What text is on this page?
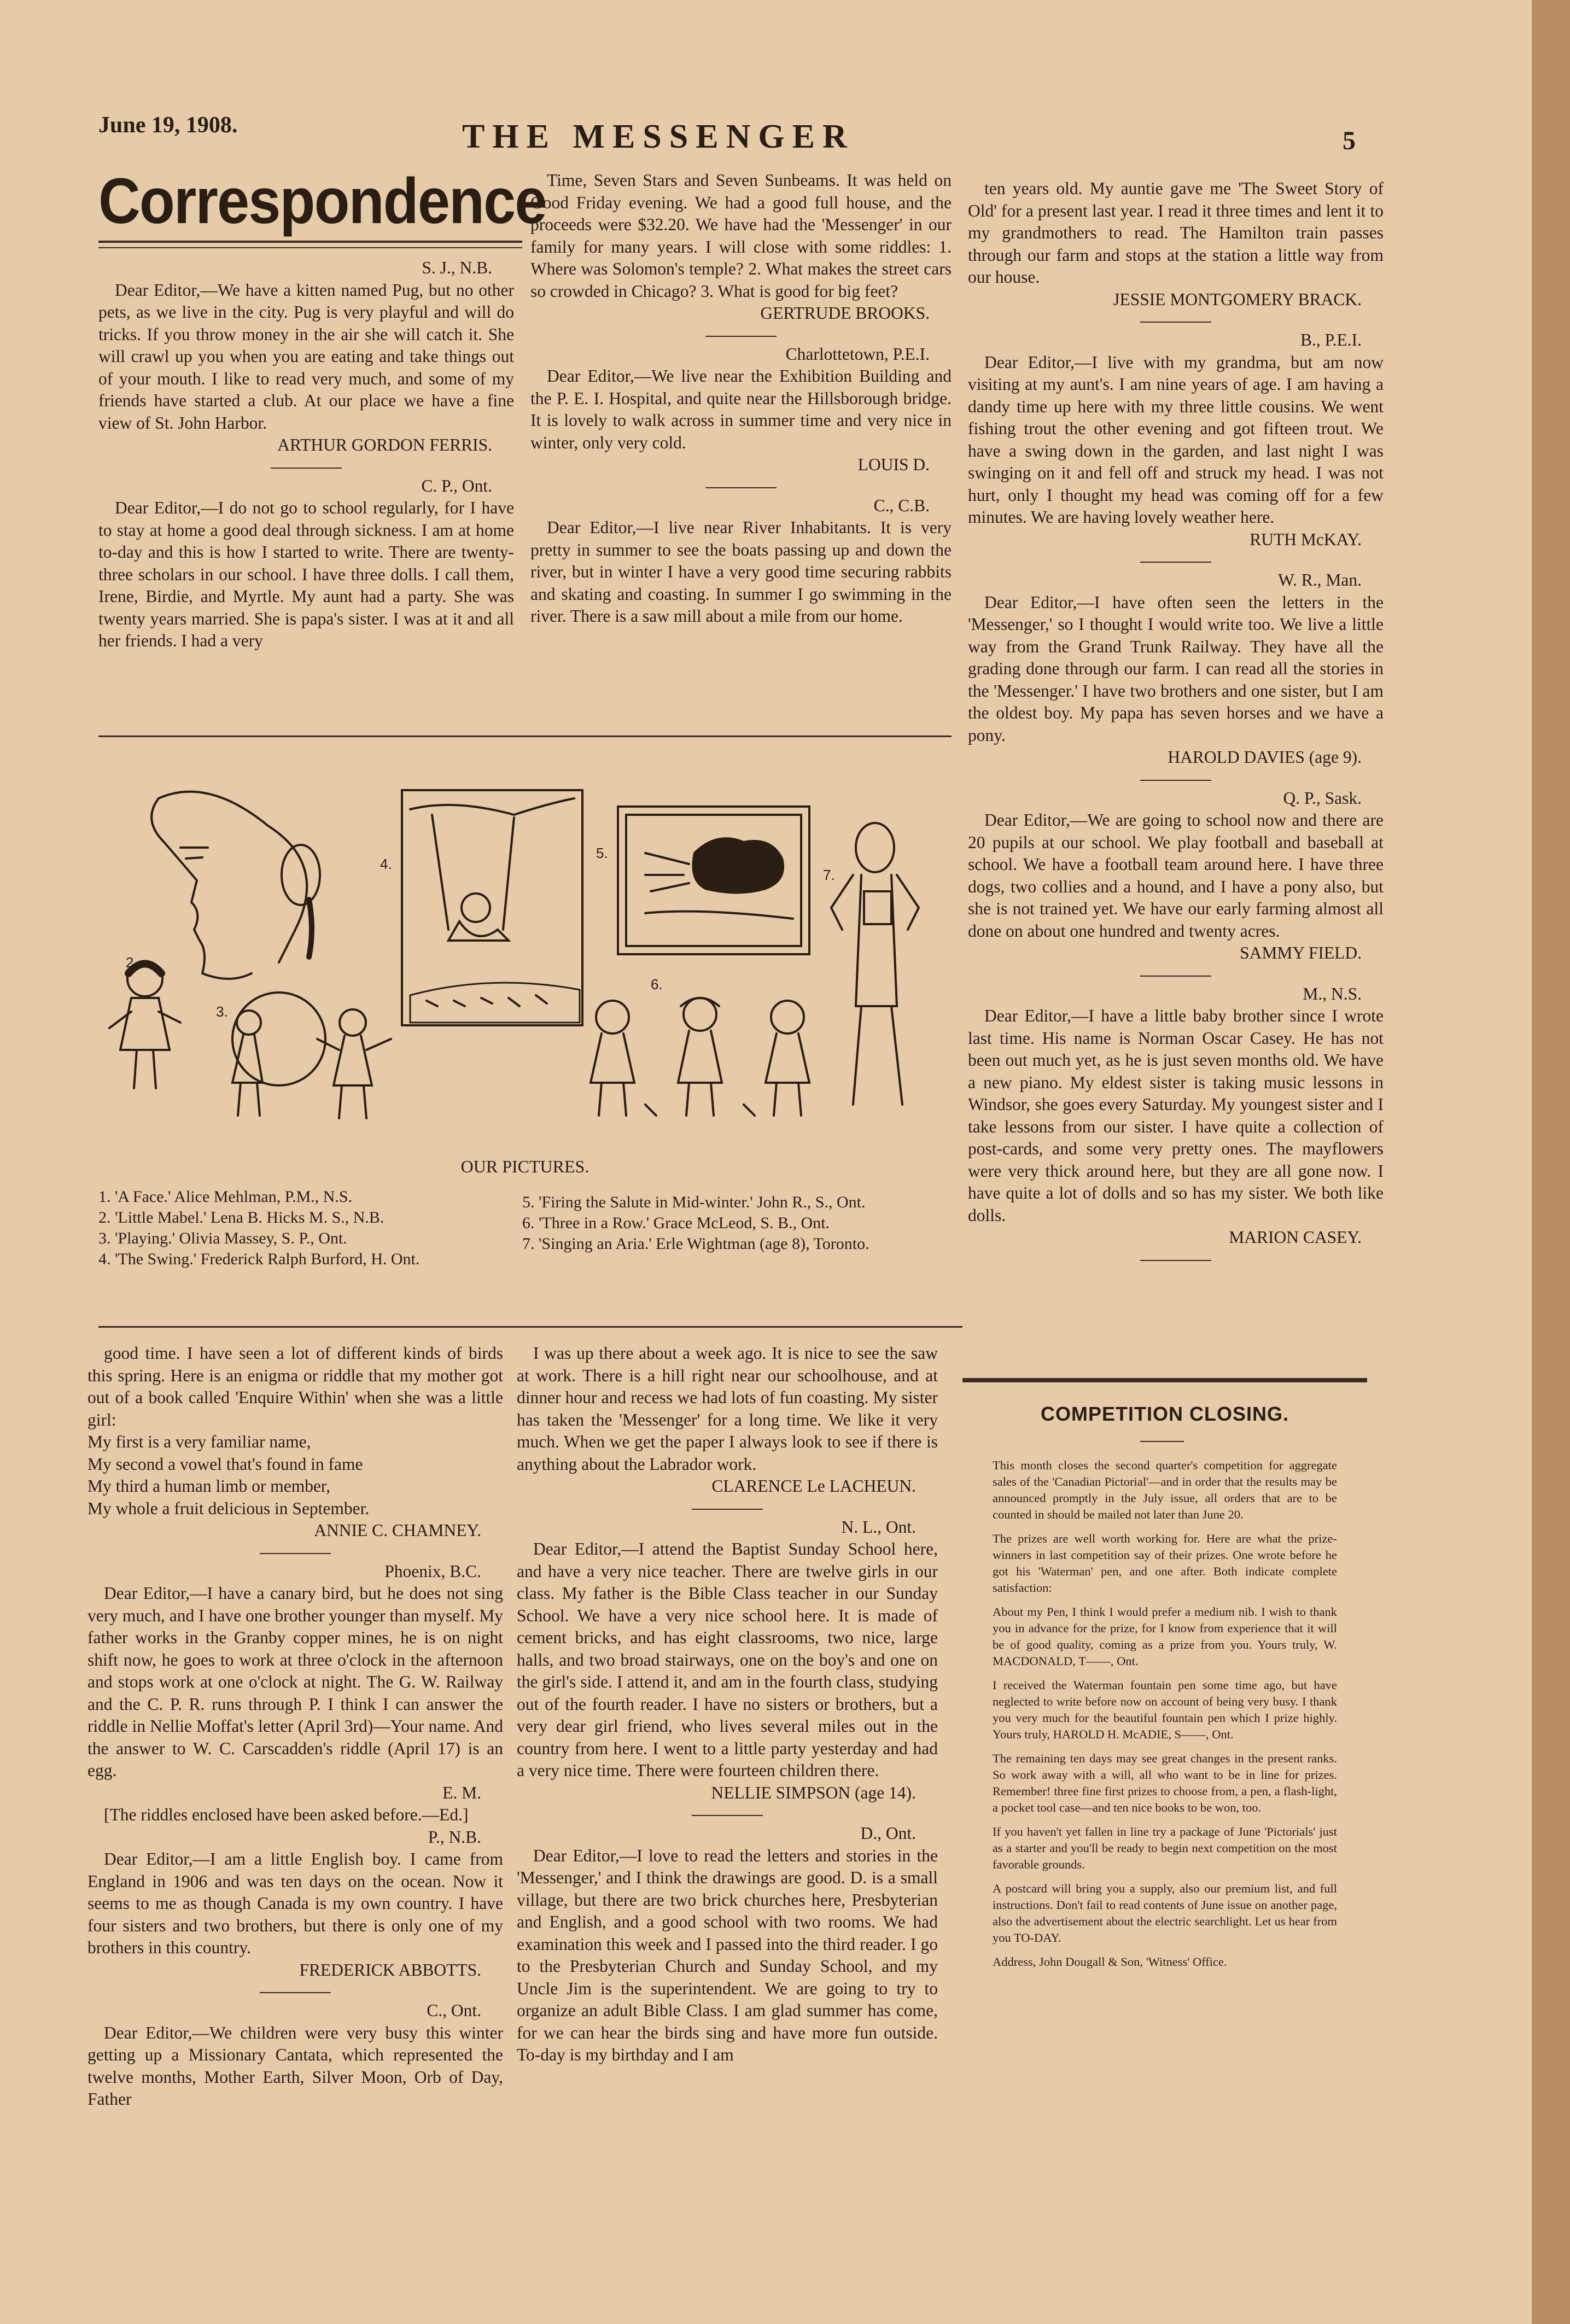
June 19, 1908.	THE MESSENGER	5
Correspondence

S. J., N.B.

Dear Editor,—We have a kitten named Pug, but no other pets, as we live in the city. Pug is very playful and will do tricks. If you throw money in the air she will catch it. She will crawl up you when you are eating and take things out of your mouth. I like to read very much, and some of my friends have started a club. At our place we have a fine view of St. John Harbor.

ARTHUR GORDON FERRIS.

C. P., Ont.

Dear Editor,—I do not go to school regularly, for I have to stay at home a good deal through sickness. I am at home to-day and this is how I started to write. There are twenty-three scholars in our school. I have three dolls. I call them, Irene, Birdie, and Myrtle. My aunt had a party. She was twenty years married. She is papa's sister. I was at it and all her friends. I had a very

Time, Seven Stars and Seven Sunbeams. It was held on Good Friday evening. We had a good full house, and the proceeds were $32.20. We have had the 'Messenger' in our family for many years. I will close with some riddles: 1. Where was Solomon's temple? 2. What makes the street cars so crowded in Chicago? 3. What is good for big feet?

GERTRUDE BROOKS.

Charlottetown, P.E.I.

Dear Editor,—We live near the Exhibition Building and the P. E. I. Hospital, and quite near the Hillsborough bridge. It is lovely to walk across in summer time and very nice in winter, only very cold.

LOUIS D.

C., C.B.

Dear Editor,—I live near River Inhabitants. It is very pretty in summer to see the boats passing up and down the river, but in winter I have a very good time securing rabbits and skating and coasting. In summer I go swimming in the river. There is a saw mill about a mile from our home.

ten years old. My auntie gave me 'The Sweet Story of Old' for a present last year. I read it three times and lent it to my grandmothers to read. The Hamilton train passes through our farm and stops at the station a little way from our house.

JESSIE MONTGOMERY BRACK.

B., P.E.I.

Dear Editor,—I live with my grandma, but am now visiting at my aunt's. I am nine years of age. I am having a dandy time up here with my three little cousins. We went fishing trout the other evening and got fifteen trout. We have a swing down in the garden, and last night I was swinging on it and fell off and struck my head. I was not hurt, only I thought my head was coming off for a few minutes. We are having lovely weather here.

RUTH McKAY.

W. R., Man.

Dear Editor,—I have often seen the letters in the 'Messenger,' so I thought I would write too. We live a little way from the Grand Trunk Railway. They have all the grading done through our farm. I can read all the stories in the 'Messenger.' I have two brothers and one sister, but I am the oldest boy. My papa has seven horses and we have a pony.

HAROLD DAVIES (age 9).

Q. P., Sask.

Dear Editor,—We are going to school now and there are 20 pupils at our school. We play football and baseball at school. We have a football team around here. I have three dogs, two collies and a hound, and I have a pony also, but she is not trained yet. We have our early farming almost all done on about one hundred and twenty acres.

SAMMY FIELD.

M., N.S.

Dear Editor,—I have a little baby brother since I wrote last time. His name is Norman Oscar Casey. He has not been out much yet, as he is just seven months old. We have a new piano. My eldest sister is taking music lessons in Windsor, she goes every Saturday. My youngest sister and I take lessons from our sister. I have quite a collection of post-cards, and some very pretty ones. The mayflowers were very thick around here, but they are all gone now. I have quite a lot of dolls and so has my sister. We both like dolls.

MARION CASEY.

2.
3.
4.
5.
6.
7.
OUR PICTURES.

1. 'A Face.' Alice Mehlman, P.M., N.S.

2. 'Little Mabel.' Lena B. Hicks M. S., N.B.

3. 'Playing.' Olivia Massey, S. P., Ont.

4. 'The Swing.' Frederick Ralph Burford, H. Ont.

5. 'Firing the Salute in Mid-winter.' John R., S., Ont.

6. 'Three in a Row.' Grace McLeod, S. B., Ont.

7. 'Singing an Aria.' Erle Wightman (age 8), Toronto.

good time. I have seen a lot of different kinds of birds this spring. Here is an enigma or riddle that my mother got out of a book called 'Enquire Within' when she was a little girl:

My first is a very familiar name,

My second a vowel that's found in fame

My third a human limb or member,

My whole a fruit delicious in September.

ANNIE C. CHAMNEY.

Phoenix, B.C.

Dear Editor,—I have a canary bird, but he does not sing very much, and I have one brother younger than myself. My father works in the Granby copper mines, he is on night shift now, he goes to work at three o'clock in the afternoon and stops work at one o'clock at night. The G. W. Railway and the C. P. R. runs through P. I think I can answer the riddle in Nellie Moffat's letter (April 3rd)—Your name. And the answer to W. C. Carscadden's riddle (April 17) is an egg.

E. M.

[The riddles enclosed have been asked before.—Ed.]

P., N.B.

Dear Editor,—I am a little English boy. I came from England in 1906 and was ten days on the ocean. Now it seems to me as though Canada is my own country. I have four sisters and two brothers, but there is only one of my brothers in this country.

FREDERICK ABBOTTS.

C., Ont.

Dear Editor,—We children were very busy this winter getting up a Missionary Cantata, which represented the twelve months, Mother Earth, Silver Moon, Orb of Day, Father

I was up there about a week ago. It is nice to see the saw at work. There is a hill right near our schoolhouse, and at dinner hour and recess we had lots of fun coasting. My sister has taken the 'Messenger' for a long time. We like it very much. When we get the paper I always look to see if there is anything about the Labrador work.

CLARENCE Le LACHEUN.

N. L., Ont.

Dear Editor,—I attend the Baptist Sunday School here, and have a very nice teacher. There are twelve girls in our class. My father is the Bible Class teacher in our Sunday School. We have a very nice school here. It is made of cement bricks, and has eight classrooms, two nice, large halls, and two broad stairways, one on the boy's and one on the girl's side. I attend it, and am in the fourth class, studying out of the fourth reader. I have no sisters or brothers, but a very dear girl friend, who lives several miles out in the country from here. I went to a little party yesterday and had a very nice time. There were fourteen children there.

NELLIE SIMPSON (age 14).

D., Ont.

Dear Editor,—I love to read the letters and stories in the 'Messenger,' and I think the drawings are good. D. is a small village, but there are two brick churches here, Presbyterian and English, and a good school with two rooms. We had examination this week and I passed into the third reader. I go to the Presbyterian Church and Sunday School, and my Uncle Jim is the superintendent. We are going to try to organize an adult Bible Class. I am glad summer has come, for we can hear the birds sing and have more fun outside. To-day is my birthday and I am

COMPETITION CLOSING.

This month closes the second quarter's competition for aggregate sales of the 'Canadian Pictorial'—and in order that the results may be announced promptly in the July issue, all orders that are to be counted in should be mailed not later than June 20.

The prizes are well worth working for. Here are what the prize-winners in last competition say of their prizes. One wrote before he got his 'Waterman' pen, and one after. Both indicate complete satisfaction:

About my Pen, I think I would prefer a medium nib. I wish to thank you in advance for the prize, for I know from experience that it will be of good quality, coming as a prize from you. Yours truly, W. MACDONALD, T——, Ont.

I received the Waterman fountain pen some time ago, but have neglected to write before now on account of being very busy. I thank you very much for the beautiful fountain pen which I prize highly. Yours truly, HAROLD H. McADIE, S——, Ont.

The remaining ten days may see great changes in the present ranks. So work away with a will, all who want to be in line for prizes. Remember! three fine first prizes to choose from, a pen, a flash-light, a pocket tool case—and ten nice books to be won, too.

If you haven't yet fallen in line try a package of June 'Pictorials' just as a starter and you'll be ready to begin next competition on the most favorable grounds.

A postcard will bring you a supply, also our premium list, and full instructions. Don't fail to read contents of June issue on another page, also the advertisement about the electric searchlight. Let us hear from you TO-DAY.

Address, John Dougall & Son, 'Witness' Office.
